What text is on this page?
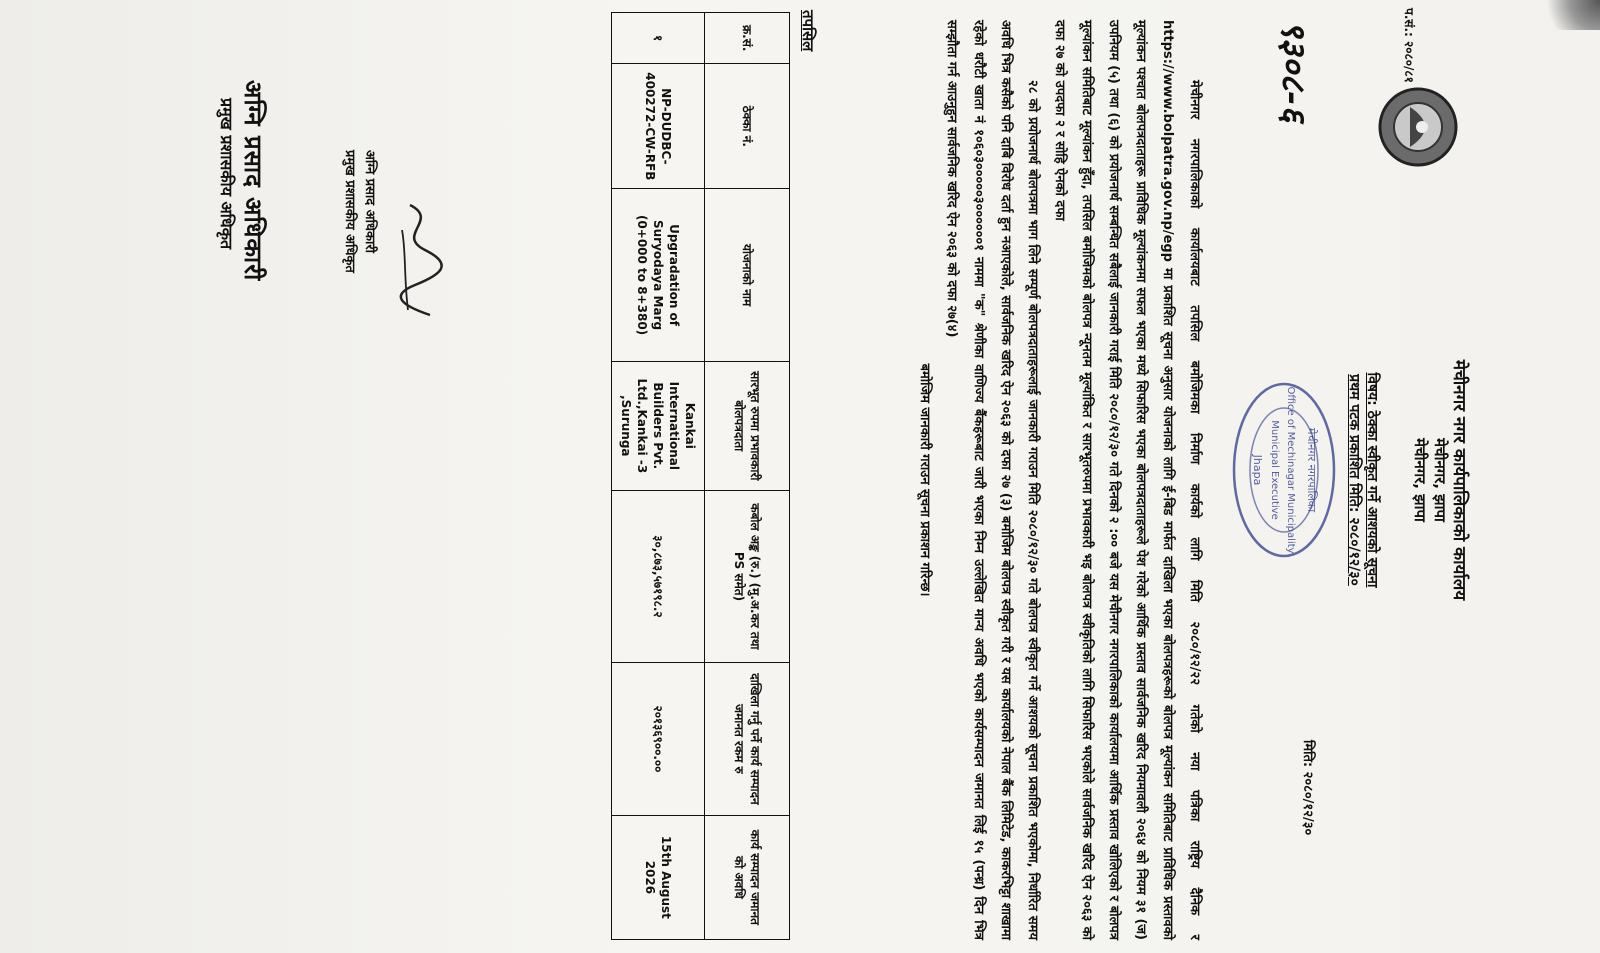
प.सं.: २०८०/८१
९३०८-६
मेचीनगर नगर कार्यपालिकाको कार्यालय
मेचीनगर, झापा
मेचीनगर, झापा
विषय: ठेक्का स्वीकृत गर्ने आशयको सूचना
प्रथम पटक प्रकाशित मिति: २०८०/१२/३०
मिति: २०८०/१२/३०
मेचीनगर नगरपालिका
Office of Mechinagar Municipality
Municipal Executive
Jhapa

मेचीनगर नगरपालिकाको कार्यालयबाट तपसिल बमोजिमका निर्माण कार्यको लागि मिति २०८०/१२/२२ गतेको नया पत्रिका राष्ट्रिय दैनिक र https://www.bolpatra.gov.np/egp मा प्रकाशित सूचना अनुसार योजनाको लागि ई-बिड मार्फत दाखिला भएका बोलपत्रहरूको बोलपत्र मूल्यांकन समितिबाट प्राविधिक प्रस्तावको मूल्यांकन पश्चात बोलपत्रदाताहरू प्राविधिक मूल्यांकनमा सफल भएका मध्ये सिफारिस भएका बोलपत्रदाताहरूले पेश गरेको आर्थिक प्रस्ताव सार्वजनिक खरिद नियमावली २०६४ को नियम ३१ (ज) उपनियम (५) तथा (६) को प्रयोजनार्थ सम्बन्धित सबैलाई जानकारी गराई मिति २०८०/१२/३० गते दिनको २ :०० बजे यस मेचीनगर नगरपालिकाको कार्यालयमा आर्थिक प्रस्ताव खोलिएको र बोलपत्र मूल्यांकन समितिबाट मूल्यांकन हुँदा, तपसिल बमोजिमको बोलपत्र न्यूनतम मूल्यांकित र सारभूतरुपमा प्रभावकारी भइ बोलपत्र स्वीकृतिको लागि सिफारिस भएकोले सार्वजनिक खरिद ऐन २०६३ को दफा २७ को उपदफा २ र सोहि ऐनको दफा

२८ को प्रयोजनार्थ बोलपत्रमा भाग लिने सम्पूर्ण बोलपत्रदाताहरूलाई जानकारी गराउन मिति २०८०/१२/३० गते बोलपत्र स्वीकृत गर्ने आशयको सूचना प्रकाशित भएकोमा, निर्धारित समय अवधि भित्र कसैको पनि दाबि विरोध दर्ता हुन नआएकोले, सार्वजनिक खरिद ऐन २०६३ को दफा २७ (३) बमोजिम बोलपत्र स्वीकृत गरी र यस कार्यालयको नेपाल बैंक लिमिटेड, काकरभिट्टा शाखामा रहेको धरौटी खाता नं १०६०३०००००३००००००१ नाममा "क" श्रेणीका वाणिज्य बैंकहरूबाट जारी भएका निम्न उल्लेखित मान्य अवधि भएको कार्यसम्पादन जमानत लिई १५ (पन्ध्र) दिन भित्र सम्झौता गर्न आउनुहुन सार्वजनिक खरिद ऐन २०६३ को दफा २७(४)

बमोजिम जानकारी गराउन सूचना प्रकाशन गरिन्छ।

तपसिल
क्र.सं.	ठेक्का नं.	योजनाको नाम	सारभूत रुपमा प्रभावकारी बोलपत्रदाता	कबोल अङ्क (रु.) (मु.अ.कर तथा PS समेत)	दाखिला गर्नु पर्ने कार्य सम्पादन जमानत रकम रु	कार्य सम्पादन जमानत को अवधि
१	NP-DUDBC-400272-CW-RFB	Upgradation of Suryodaya Marg (0+000 to 8+380)	Kankai International Builders Pvt. Ltd.,Kankai -3 ,Surunga	३०,८७३,५७१९८.२	२०१३६९००.००	15th August 2026
अग्नि प्रसाद अधिकारी
प्रमुख प्रशासकीय अधिकृत
अग्नि प्रसाद अधिकारी
प्रमुख प्रशासकीय अधिकृत
